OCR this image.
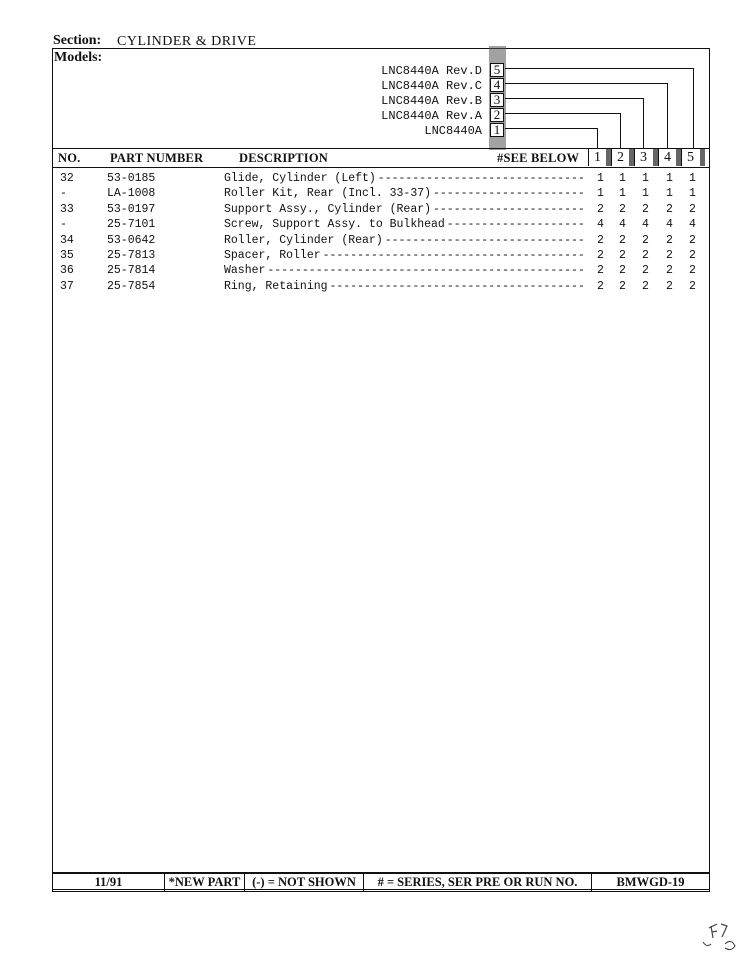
Section: CYLINDER & DRIVE
Models:
LNC8440A Rev.D
LNC8440A Rev.C
LNC8440A Rev.B
LNC8440A Rev.A
LNC8440A
5
4
3
2
1
NO. PART NUMBER	DESCRIPTION	#SEE BELOW	1	2	3	4	5
32	53-0185	Glide, Cylinder (Left) ------------------------------ 1 1 1 1 1
-	LA-1008	Roller Kit, Rear (Incl. 33-37) ---------------------- 1 1 1 1 1
33	53-0197	Support Assy., Cylinder (Rear) ---------------------- 2 2 2 2 2
-	25-7101	Screw, Support Assy. to Bulkhead -------------------- 4 4 4 4 4
34	53-0642	Roller, Cylinder (Rear) ----------------------------- 2 2 2 2 2
35	25-7813	Spacer, Roller -------------------------------------- 2 2 2 2 2
36	25-7814	Washer ---------------------------------------------- 2 2 2 2 2
37	25-7854	Ring, Retaining ------------------------------------- 2 2 2 2 2
11/91	*NEW PART (-) = NOT SHOWN	# = SERIES, SER PRE OR RUN NO.	BMWGD-19
